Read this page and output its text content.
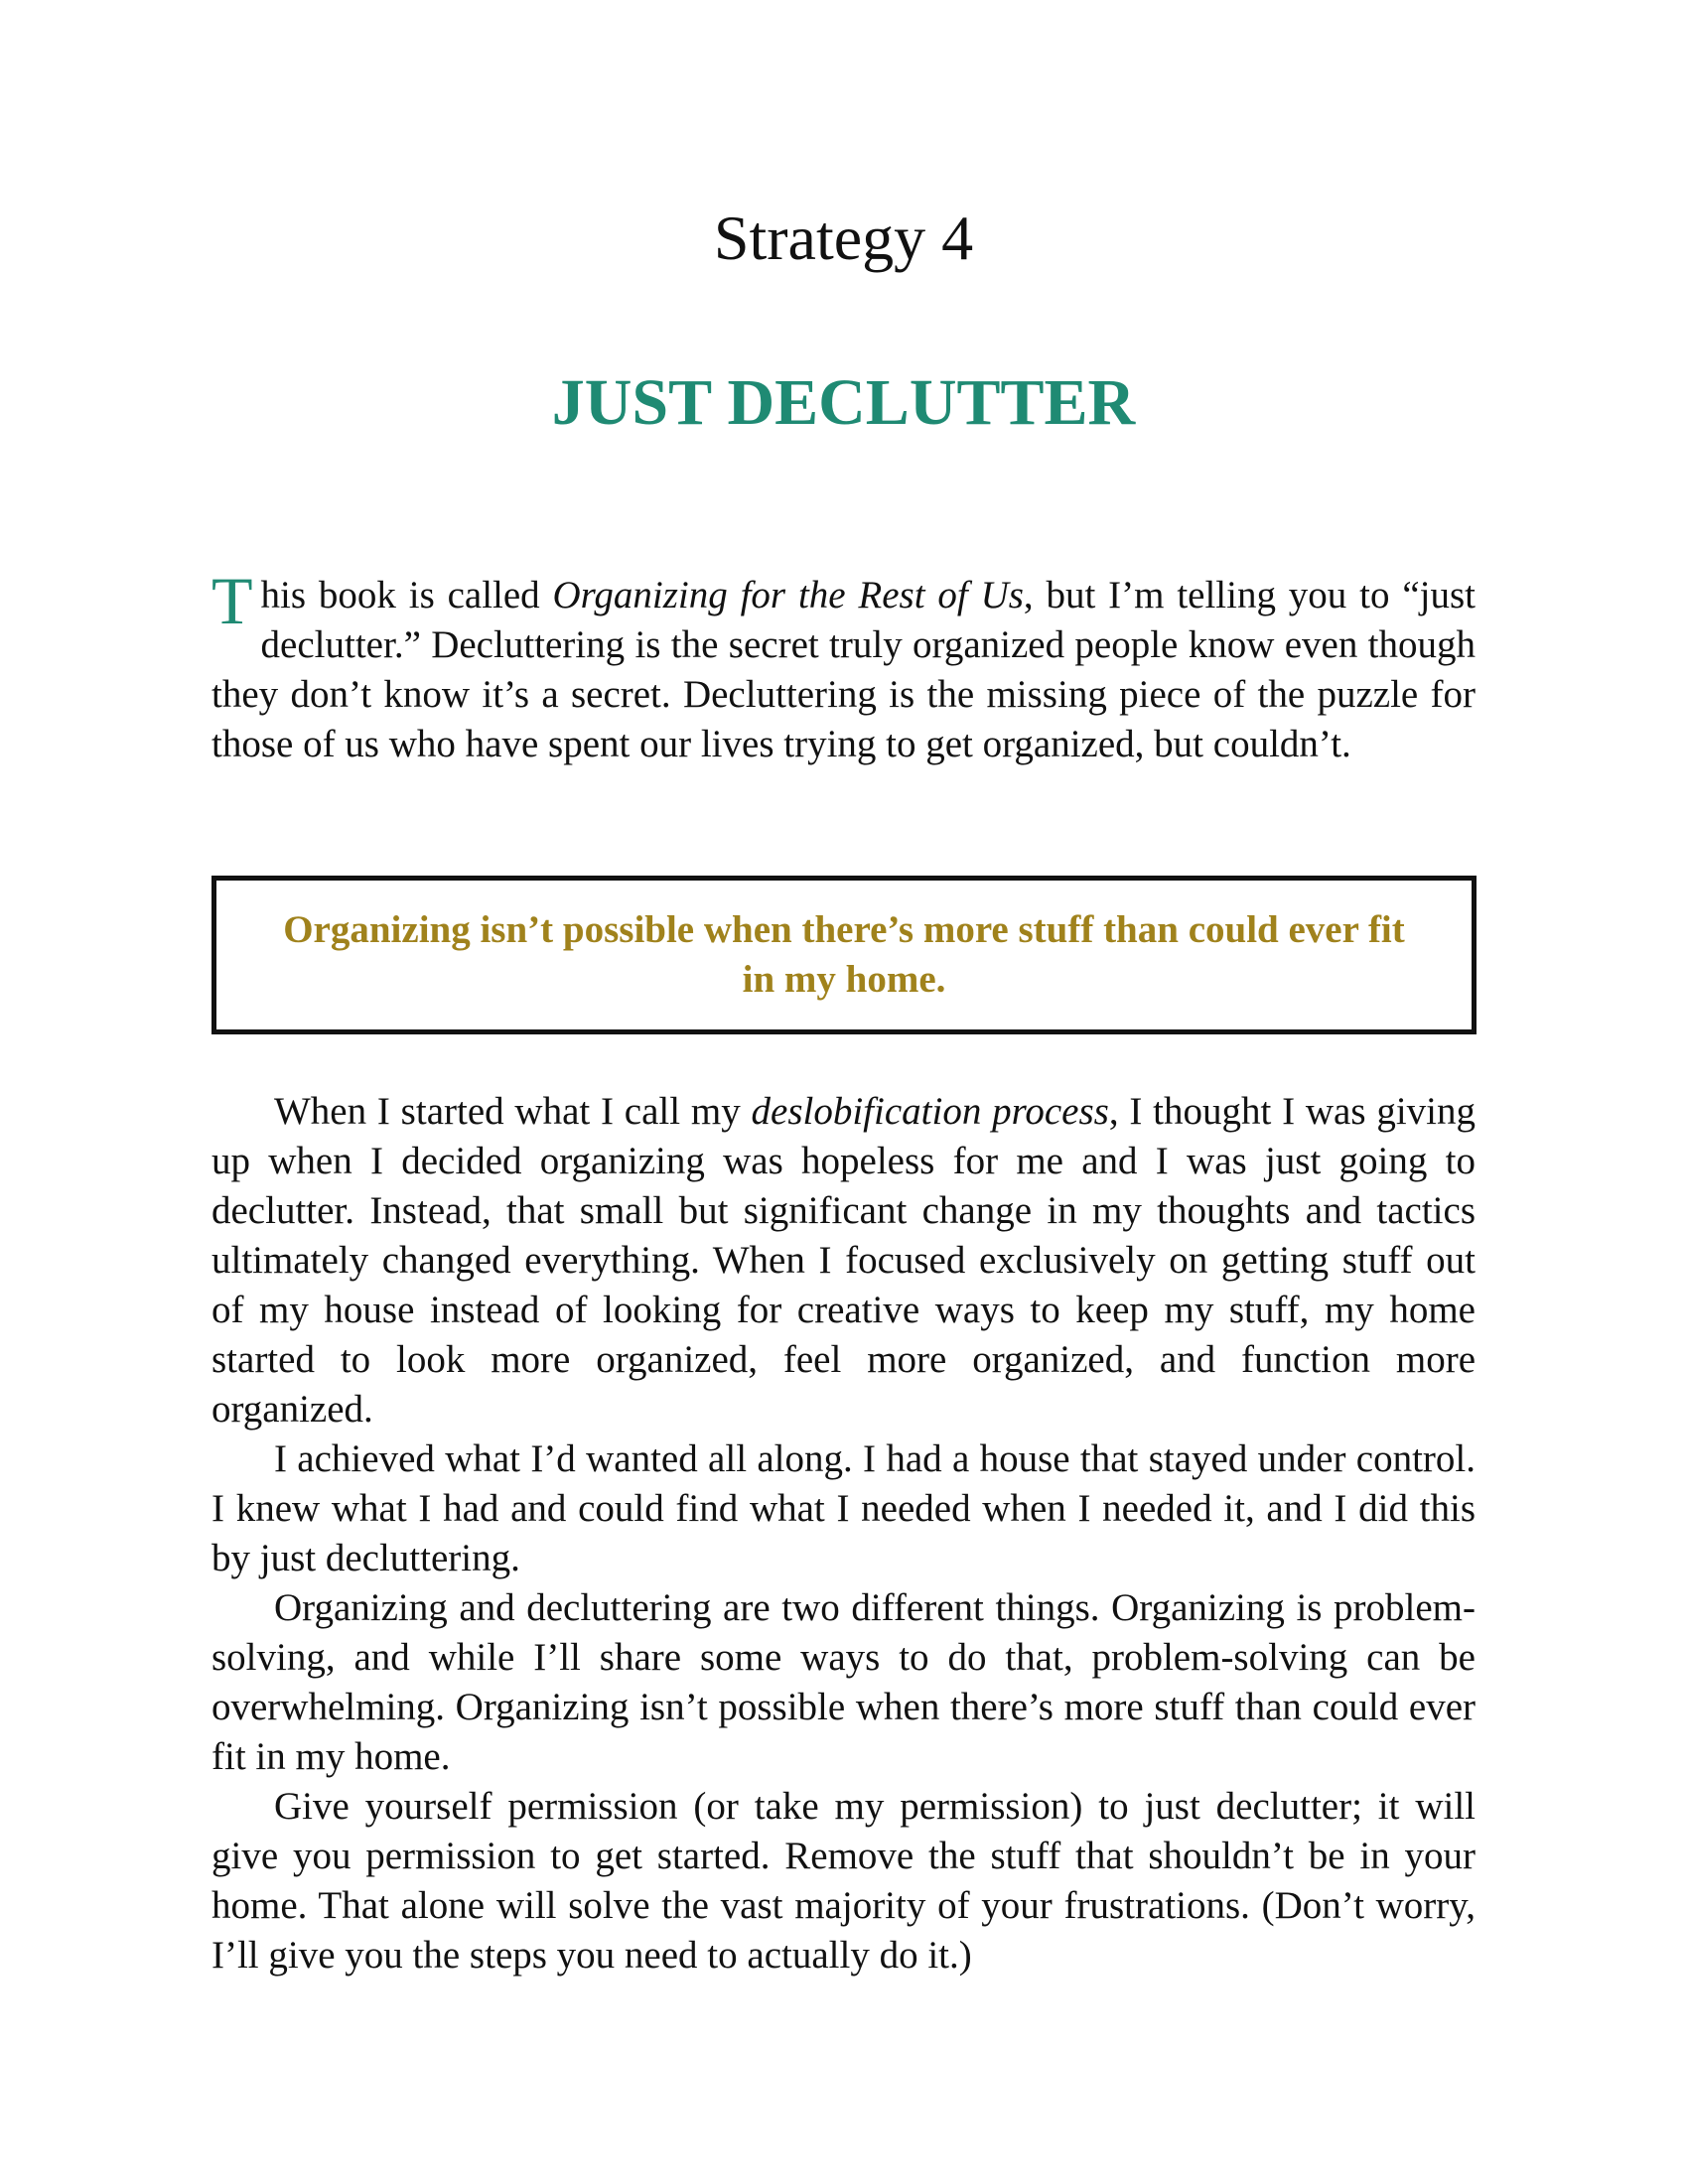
Strategy 4
JUST DECLUTTER

This book is called Organizing for the Rest of Us, but I’m telling you to “just declutter.” Decluttering is the secret truly organized people know even though they don’t know it’s a secret. Decluttering is the missing piece of the puzzle for those of us who have spent our lives trying to get organized, but couldn’t.

Organizing isn’t possible when there’s more stuff than could ever fit in my home.

When I started what I call my deslobification process, I thought I was giving up when I decided organizing was hopeless for me and I was just going to declutter. Instead, that small but significant change in my thoughts and tactics ultimately changed everything. When I focused exclusively on getting stuff out of my house instead of looking for creative ways to keep my stuff, my home started to look more organized, feel more organized, and function more organized.

I achieved what I’d wanted all along. I had a house that stayed under control. I knew what I had and could find what I needed when I needed it, and I did this by just decluttering.

Organizing and decluttering are two different things. Organizing is problem-solving, and while I’ll share some ways to do that, problem-solving can be overwhelming. Organizing isn’t possible when there’s more stuff than could ever fit in my home.

Give yourself permission (or take my permission) to just declutter; it will give you permission to get started. Remove the stuff that shouldn’t be in your home. That alone will solve the vast majority of your frustrations. (Don’t worry, I’ll give you the steps you need to actually do it.)
